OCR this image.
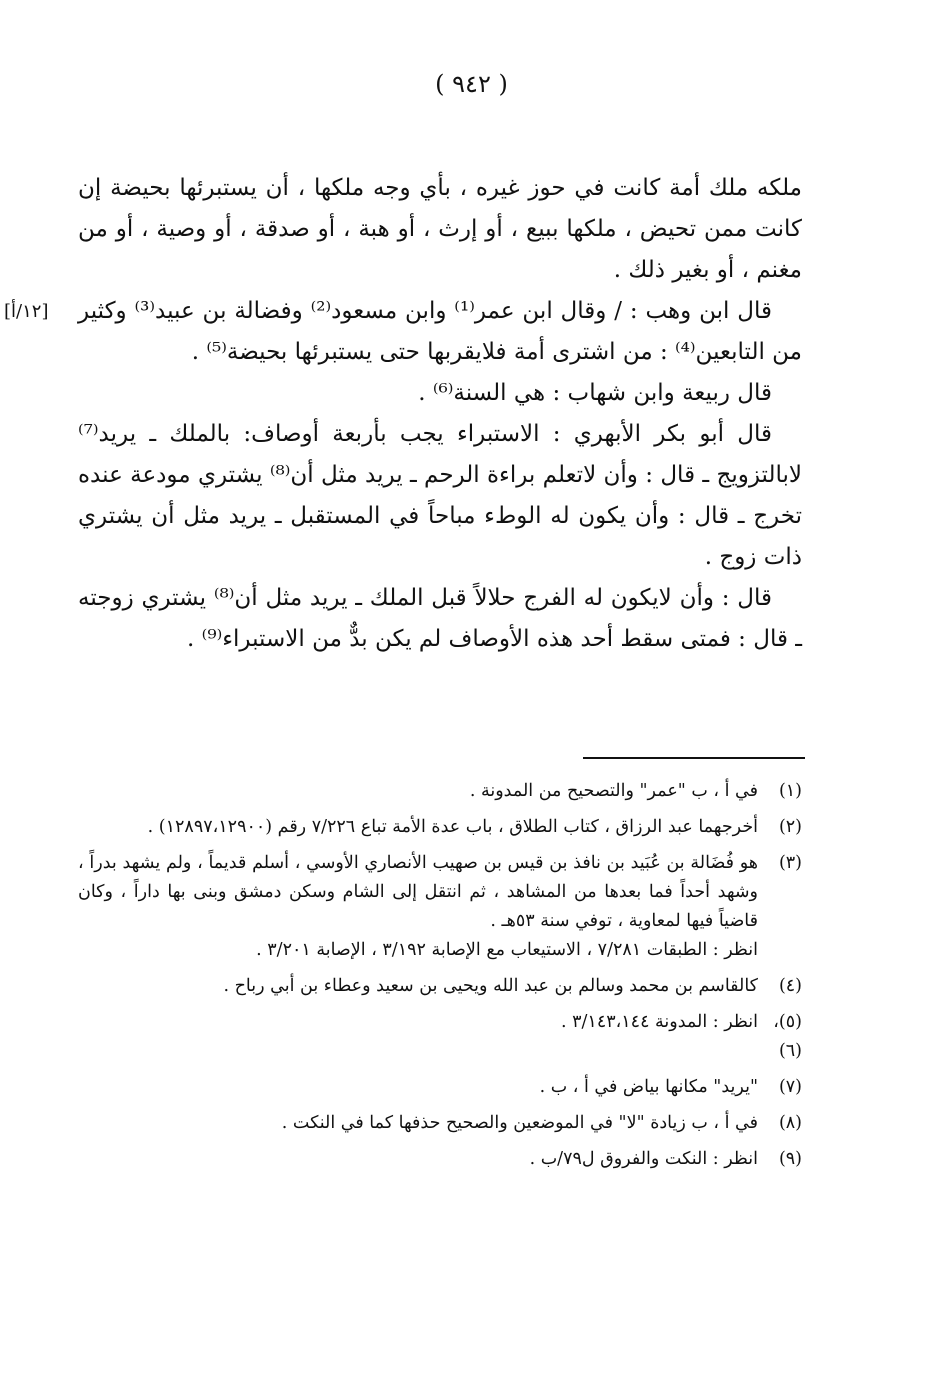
( ٩٤٢ )
[١٢/أ]

ملكه ملك أمة كانت في حوز غيره ، بأي وجه ملكها ، أن يستبرئها بحيضة إن كانت ممن تحيض ، ملكها ببيع ، أو إرث ، أو هبة ، أو صدقة ، أو وصية ، أو من مغنم ، أو بغير ذلك .

قال ابن وهب : / وقال ابن عمر⁽¹⁾ وابن مسعود⁽²⁾ وفضالة بن عبيد⁽³⁾ وكثير من التابعين⁽⁴⁾ : من اشترى أمة فلايقربها حتى يستبرئها بحيضة⁽⁵⁾ .

قال ربيعة وابن شهاب : هي السنة⁽⁶⁾ .

قال أبو بكر الأبهري : الاستبراء يجب بأربعة أوصاف: بالملك ـ يريد⁽⁷⁾ لابالتزويج ـ قال : وأن لاتعلم براءة الرحم ـ يريد مثل أن⁽⁸⁾ يشتري مودعة عنده تخرج ـ قال : وأن يكون له الوطء مباحاً في المستقبل ـ يريد مثل أن يشتري ذات زوج .

قال : وأن لايكون له الفرج حلالاً قبل الملك ـ يريد مثل أن⁽⁸⁾ يشتري زوجته ـ قال : فمتى سقط أحد هذه الأوصاف لم يكن بدٌّ من الاستبراء⁽⁹⁾ .

(١)

في أ ، ب "عمر" والتصحيح من المدونة .

(٢)

أخرجهما عبد الرزاق ، كتاب الطلاق ، باب عدة الأمة تباع ٧/٢٢٦ رقم (١٢٨٩٧،١٢٩٠٠) .

(٣)

هو فُضَالة بن عُبَيد بن نافذ بن قيس بن صهيب الأنصاري الأوسي ، أسلم قديماً ، ولم يشهد بدراً ، وشهد أحداً فما بعدها من المشاهد ، ثم انتقل إلى الشام وسكن دمشق وبنى بها داراً ، وكان قاضياً فيها لمعاوية ، توفي سنة ٥٣هـ .

انظر : الطبقات ٧/٢٨١ ، الاستيعاب مع الإصابة ٣/١٩٢ ، الإصابة ٣/٢٠١ .

(٤)

كالقاسم بن محمد وسالم بن عبد الله ويحيى بن سعيد وعطاء بن أبي رباح .

(٥)،(٦)

انظر : المدونة ٣/١٤٣،١٤٤ .

(٧)

"يريد" مكانها بياض في أ ، ب .

(٨)

في أ ، ب زيادة "لا" في الموضعين والصحيح حذفها كما في النكت .

(٩)

انظر : النكت والفروق ل٧٩/ب .
